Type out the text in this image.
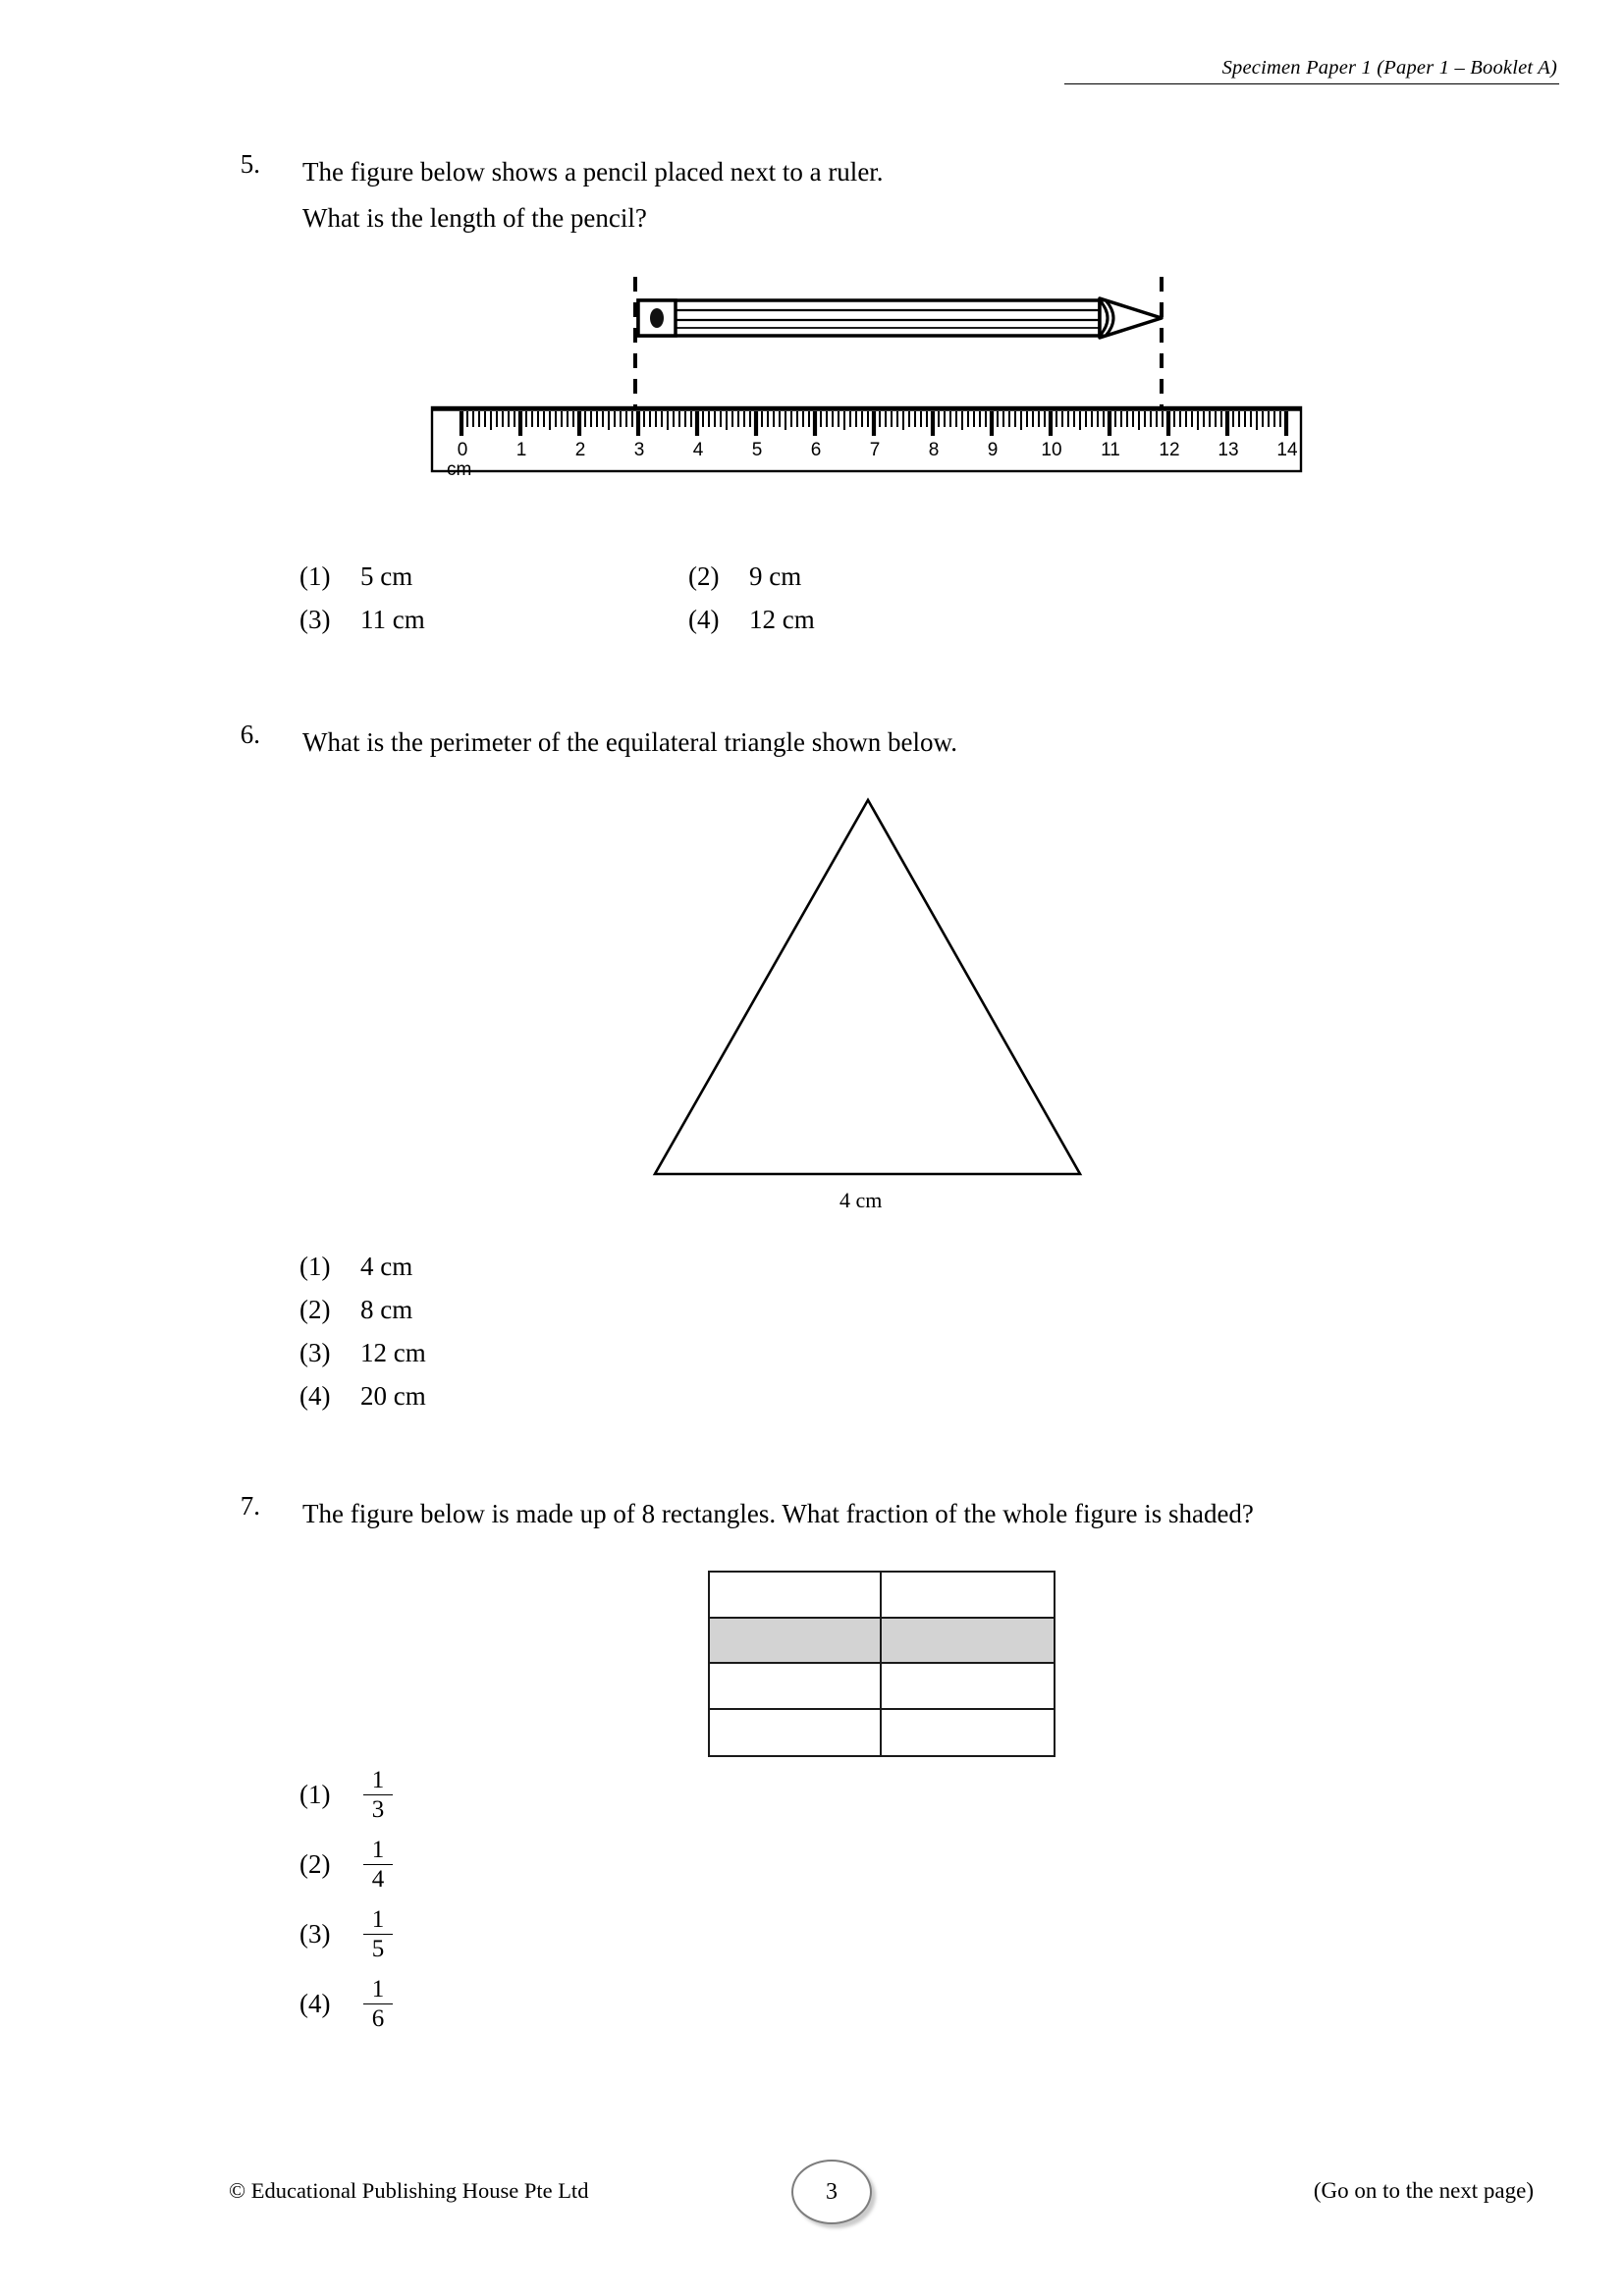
Specimen Paper 1 (Paper 1 – Booklet A)
5. The figure below shows a pencil placed next to a ruler.
What is the length of the pencil?
0	1	2	3	4	5	6	7	8	9 10 11 12 13 14
cm
(1)	5 cm	(2)	9 cm
(3)	11 cm	(4)	12 cm
6. What is the perimeter of the equilateral triangle shown below.
4 cm
(1)	4 cm
(2)	8 cm
(3)	12 cm
(4)	20 cm
7. The figure below is made up of 8 rectangles. What fraction of the whole figure is shaded?
(1)	$\frac{1}{3}$
(2)	$\frac{1}{4}$
(3)	$\frac{1}{5}$
(4)	$\frac{1}{6}$
© Educational Publishing House Pte Ltd	3	(Go on to the next page)
